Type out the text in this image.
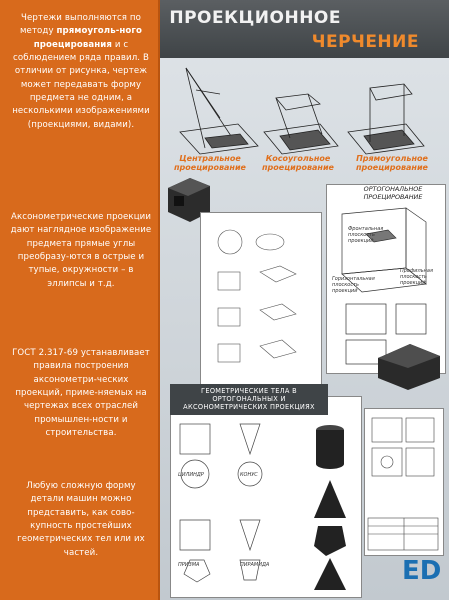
Чертежи выполняются по методу прямоуголь-ного проецирования и с соблюдением ряда правил. В отличии от рисунка, чертеж может передавать форму предмета не одним, а несколькими изображениями (проекциями, видами).
Аксонометрические проекции дают наглядное изображение предмета прямые углы преобразу-ются в острые и тупые, окружности – в эллипсы и т.д.
ГОСТ 2.317-69 устанавливает правила построения аксонометри-ческих проекций, приме-няемых на чертежах всех отраслей промышлен-ности и строительства.
Любую сложную форму детали машин можно представить, как сово-купность простейших геометрических тел или их частей.
ПРОЕКЦИОННОЕ
ЧЕРЧЕНИЕ
Центральное проецирование
Косоугольное проецирование
Прямоугольное проецирование
ОРТОГОНАЛЬНОЕ ПРОЕЦИРОВАНИЕ
Фронтальная плоскость проекций
Горизонтальная плоскость проекций
Профильная плоскость проекций
ГЕОМЕТРИЧЕСКИЕ ТЕЛА В ОРТОГОНАЛЬНЫХ И АКСОНОМЕТРИЧЕСКИХ ПРОЕКЦИЯХ
ЦИЛИНДР	КОНУС
ПРИЗМА	ПИРАМИДА	ED
